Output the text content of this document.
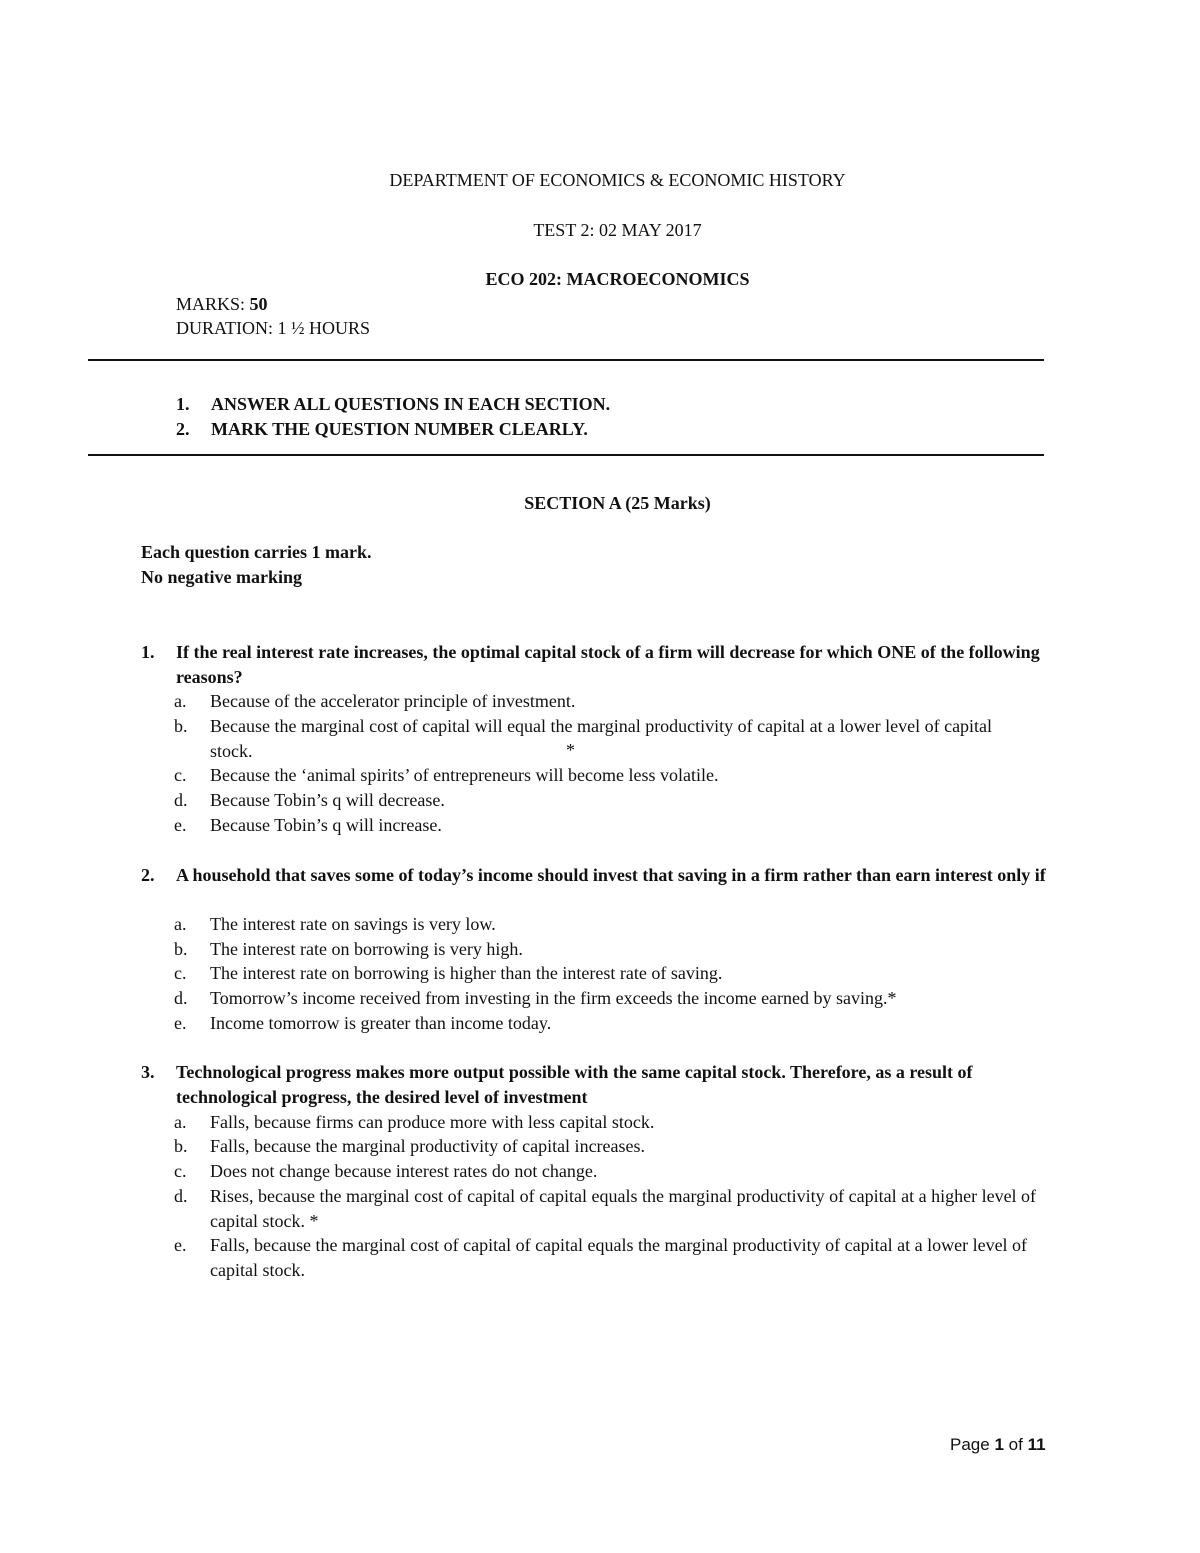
DEPARTMENT OF ECONOMICS & ECONOMIC HISTORY
TEST 2: 02 MAY 2017
ECO 202: MACROECONOMICS
MARKS: 50
DURATION: 1 ½ HOURS
1.	ANSWER ALL QUESTIONS IN EACH SECTION.
2.	MARK THE QUESTION NUMBER CLEARLY.
SECTION A (25 Marks)
Each question carries 1 mark.
No negative marking
1.	If the real interest rate increases, the optimal capital stock of a firm will decrease for which ONE of the following reasons?
a.	Because of the accelerator principle of investment.
b.	Because the marginal cost of capital will equal the marginal productivity of capital at a lower level of capital stock.	*
c.	Because the ‘animal spirits’ of entrepreneurs will become less volatile.
d.	Because Tobin’s q will decrease.
e.	Because Tobin’s q will increase.
2.	A household that saves some of today’s income should invest that saving in a firm rather than earn interest only if
a.	The interest rate on savings is very low.
b.	The interest rate on borrowing is very high.
c.	The interest rate on borrowing is higher than the interest rate of saving.
d.	Tomorrow’s income received from investing in the firm exceeds the income earned by saving.*
e.	Income tomorrow is greater than income today.
3.	Technological progress makes more output possible with the same capital stock. Therefore, as a result of technological progress, the desired level of investment
a.	Falls, because firms can produce more with less capital stock.
b.	Falls, because the marginal productivity of capital increases.
c.	Does not change because interest rates do not change.
d.	Rises, because the marginal cost of capital of capital equals the marginal productivity of capital at a higher level of capital stock. *
e.	Falls, because the marginal cost of capital of capital equals the marginal productivity of capital at a lower level of capital stock.
Page 1 of 11
